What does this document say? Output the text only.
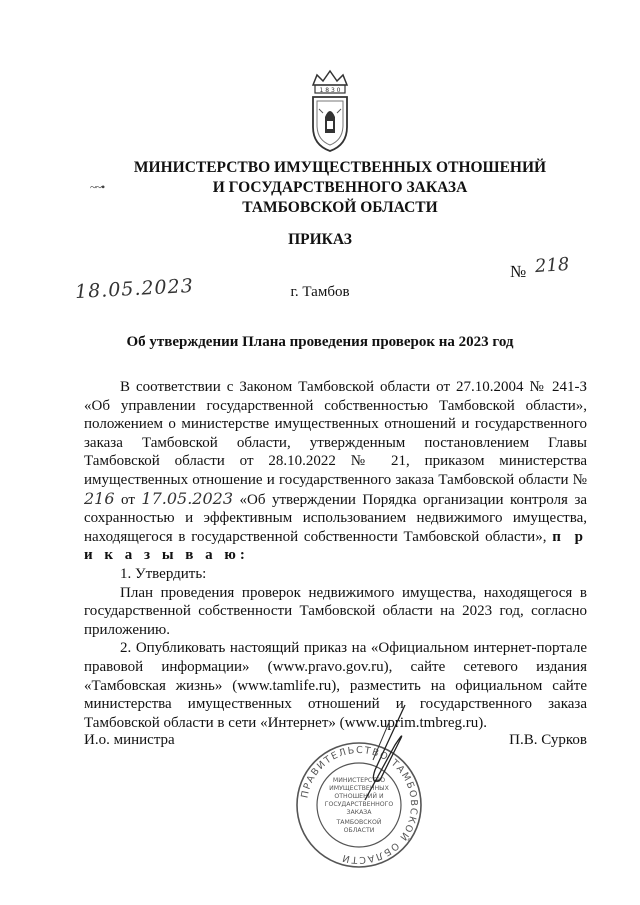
1 8 3 0
~~•
МИНИСТЕРСТВО ИМУЩЕСТВЕННЫХ ОТНОШЕНИЙ
И ГОСУДАРСТВЕННОГО ЗАКАЗА
ТАМБОВСКОЙ ОБЛАСТИ
ПРИКАЗ
18.05.2023
№ 218
г. Тамбов
Об утверждении Плана проведения проверок на 2023 год

В соответствии с Законом Тамбовской области от 27.10.2004 № 241-З «Об управлении государственной собственностью Тамбовской области», положением о министерстве имущественных отношений и государственного заказа Тамбовской области, утвержденным постановлением Главы Тамбовской области от 28.10.2022 № 21, приказом министерства имущественных отношение и государственного заказа Тамбовской области № 216 от 17.05.2023 «Об утверждении Порядка организации контроля за сохранностью и эффективным использованием недвижимого имущества, находящегося в государственной собственности Тамбовской области», п р и к а з ы в а ю:

1. Утвердить:

План проведения проверок недвижимого имущества, находящегося в государственной собственности Тамбовской области на 2023 год, согласно приложению.

2. Опубликовать настоящий приказ на «Официальном интернет-портале правовой информации» (www.pravo.gov.ru), сайте сетевого издания «Тамбовская жизнь» (www.tamlife.ru), разместить на официальном сайте министерства имущественных отношений и государственного заказа Тамбовской области в сети «Интернет» (www.uprim.tmbreg.ru).

И.о. министра	П.В. Сурков
ПРАВИТЕЛЬСТВО ТАМБОВСКОЙ ОБЛАСТИ
МИНИСТЕРСТВО
ИМУЩЕСТВЕННЫХ
ОТНОШЕНИЙ И
ГОСУДАРСТВЕННОГО
ЗАКАЗА
ТАМБОВСКОЙ
ОБЛАСТИ
